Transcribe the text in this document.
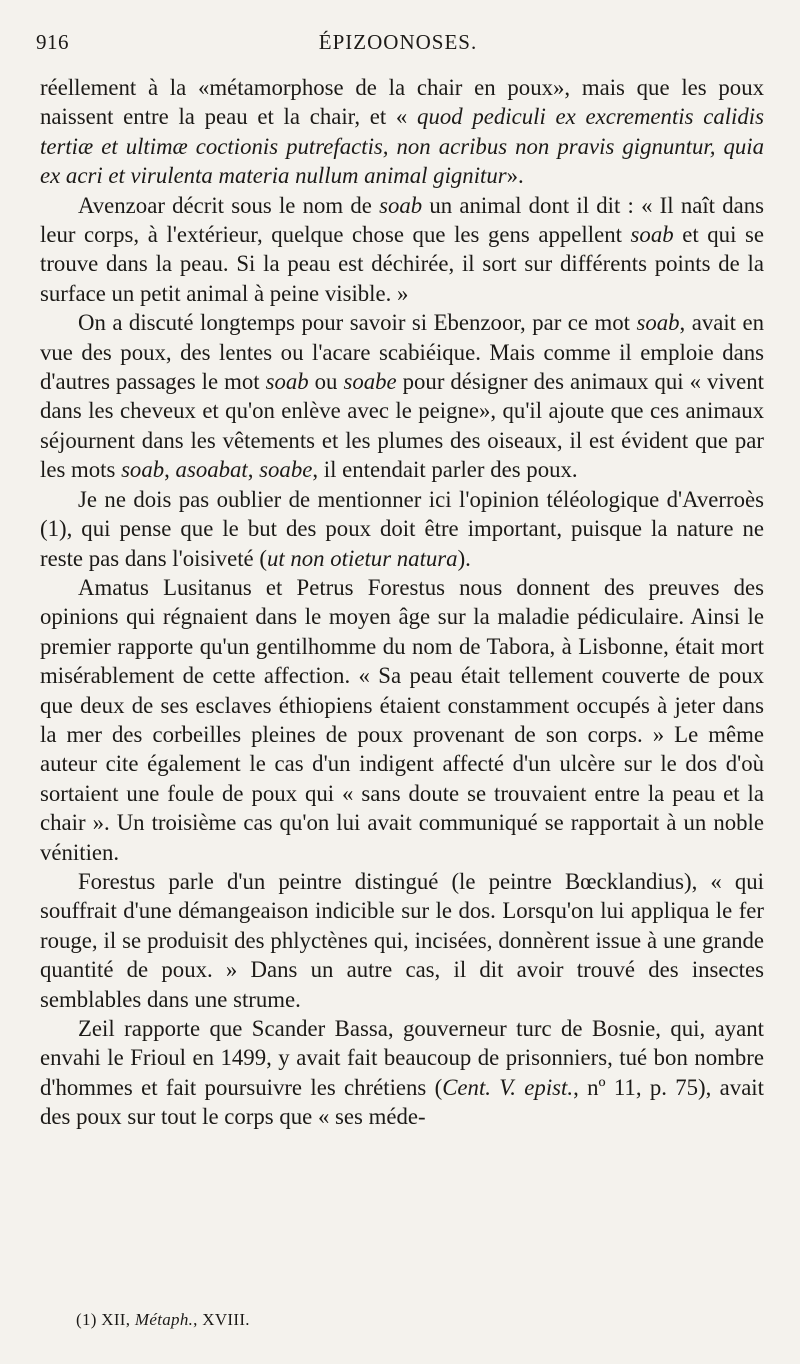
916	ÉPIZOONOSES.

réellement à la «métamorphose de la chair en poux», mais que les poux naissent entre la peau et la chair, et « quod pediculi ex excrementis calidis tertiæ et ultimæ coctionis putrefactis, non acribus non pravis gignuntur, quia ex acri et virulenta materia nullum animal gignitur».

Avenzoar décrit sous le nom de soab un animal dont il dit : « Il naît dans leur corps, à l'extérieur, quelque chose que les gens appellent soab et qui se trouve dans la peau. Si la peau est déchirée, il sort sur différents points de la surface un petit animal à peine visible. »

On a discuté longtemps pour savoir si Ebenzoor, par ce mot soab, avait en vue des poux, des lentes ou l'acare scabiéique. Mais comme il emploie dans d'autres passages le mot soab ou soabe pour désigner des animaux qui « vivent dans les cheveux et qu'on enlève avec le peigne», qu'il ajoute que ces animaux séjournent dans les vêtements et les plumes des oiseaux, il est évident que par les mots soab, asoabat, soabe, il entendait parler des poux.

Je ne dois pas oublier de mentionner ici l'opinion téléologique d'Averroès (1), qui pense que le but des poux doit être important, puisque la nature ne reste pas dans l'oisiveté (ut non otietur natura).

Amatus Lusitanus et Petrus Forestus nous donnent des preuves des opinions qui régnaient dans le moyen âge sur la maladie pédiculaire. Ainsi le premier rapporte qu'un gentilhomme du nom de Tabora, à Lisbonne, était mort misérablement de cette affection. « Sa peau était tellement couverte de poux que deux de ses esclaves éthiopiens étaient constamment occupés à jeter dans la mer des corbeilles pleines de poux provenant de son corps. » Le même auteur cite également le cas d'un indigent affecté d'un ulcère sur le dos d'où sortaient une foule de poux qui « sans doute se trouvaient entre la peau et la chair ». Un troisième cas qu'on lui avait communiqué se rapportait à un noble vénitien.

Forestus parle d'un peintre distingué (le peintre Bœcklandius), « qui souffrait d'une démangeaison indicible sur le dos. Lorsqu'on lui appliqua le fer rouge, il se produisit des phlyctènes qui, incisées, donnèrent issue à une grande quantité de poux. » Dans un autre cas, il dit avoir trouvé des insectes semblables dans une strume.

Zeil rapporte que Scander Bassa, gouverneur turc de Bosnie, qui, ayant envahi le Frioul en 1499, y avait fait beaucoup de prisonniers, tué bon nombre d'hommes et fait poursuivre les chrétiens (Cent. V. epist., nº 11, p. 75), avait des poux sur tout le corps que « ses méde-

(1) XII, Métaph., XVIII.
